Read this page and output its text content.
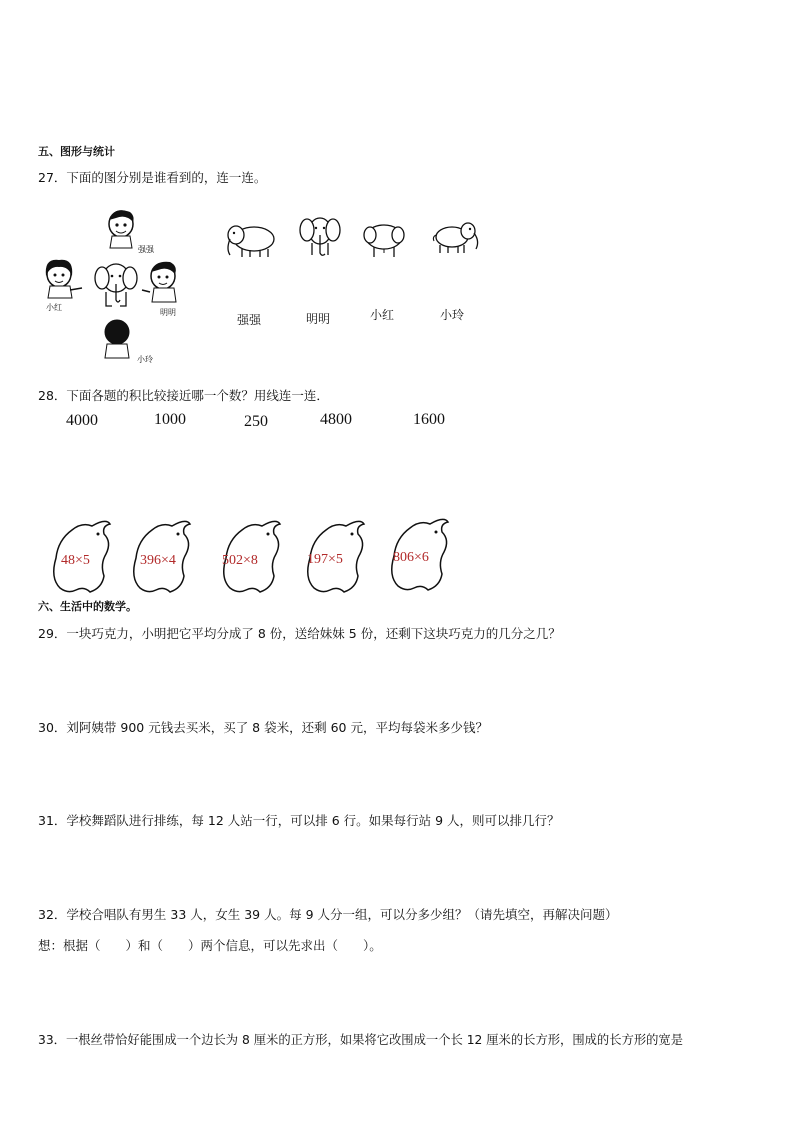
五、图形与统计
27．下面的图分别是谁看到的，连一连。
强强
小红
明明
小玲
强强	明明	小红	小玲
28．下面各题的积比较接近哪一个数？用线连一连．
4000	1000	250	4800	1600
48×5	396×4	502×8	197×5	806×6
六、生活中的数学。
29．一块巧克力，小明把它平均分成了 8 份，送给妹妹 5 份，还剩下这块巧克力的几分之几？
30．刘阿姨带 900 元钱去买米，买了 8 袋米，还剩 60 元，平均每袋米多少钱？
31．学校舞蹈队进行排练，每 12 人站一行，可以排 6 行。如果每行站 9 人，则可以排几行？
32．学校合唱队有男生 33 人，女生 39 人。每 9 人分一组，可以分多少组？（请先填空，再解决问题）
想：根据（　　）和（　　）两个信息，可以先求出（　　）。
33．一根丝带恰好能围成一个边长为 8 厘米的正方形，如果将它改围成一个长 12 厘米的长方形，围成的长方形的宽是
